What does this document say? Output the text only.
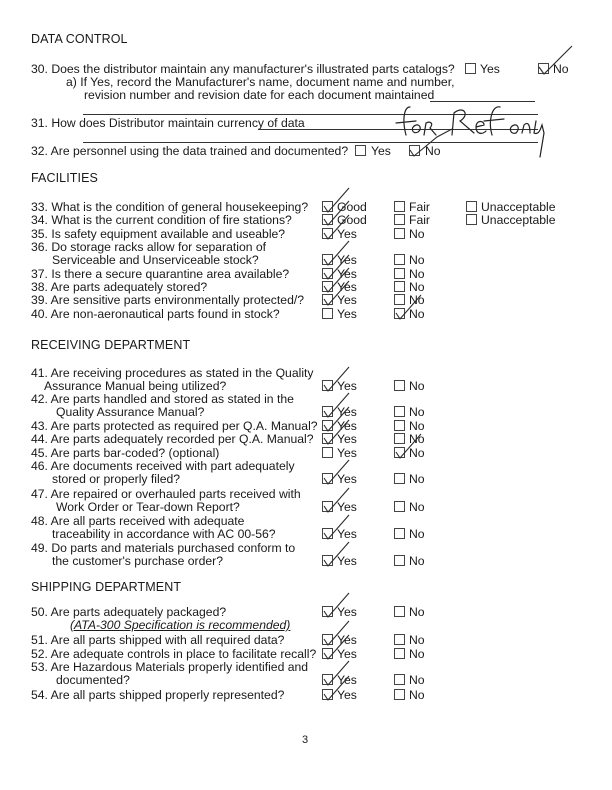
DATA CONTROL
30. Does the distributor maintain any manufacturer's illustrated parts catalogs? Yes	No
a) If Yes, record the Manufacturer's name, document name and number,
revision number and revision date for each document maintained
31. How does Distributor maintain currency of data
32. Are personnel using the data trained and documented? Yes	No
FACILITIES
33. What is the condition of general housekeeping? Good	Fair	Unacceptable
34. What is the current condition of fire stations?	Good	Fair	Unacceptable
35. Is safety equipment available and useable?	Yes	No
36. Do storage racks allow for separation of
Serviceable and Unserviceable stock?	Yes	No
37. Is there a secure quarantine area available?	Yes	No
38. Are parts adequately stored?	Yes	No
39. Are sensitive parts environmentally protected/?	Yes	No
40. Are non-aeronautical parts found in stock?	Yes	No
RECEIVING DEPARTMENT
41. Are receiving procedures as stated in the Quality
Assurance Manual being utilized?	Yes	No
42. Are parts handled and stored as stated in the
Quality Assurance Manual?	Yes	No
43. Are parts protected as required per Q.A. Manual? Yes	No
44. Are parts adequately recorded per Q.A. Manual? Yes	No
45. Are parts bar-coded? (optional)	Yes	No
46. Are documents received with part adequately
stored or properly filed?	Yes	No
47. Are repaired or overhauled parts received with
Work Order or Tear-down Report?	Yes	No
48. Are all parts received with adequate
traceability in accordance with AC 00-56?	Yes	No
49. Do parts and materials purchased conform to
the customer's purchase order?	Yes	No
SHIPPING DEPARTMENT
50. Are parts adequately packaged?
(ATA-300 Specification is recommended)
Yes	No
51. Are all parts shipped with all required data?	Yes	No
52. Are adequate controls in place to facilitate recall? Yes	No
53. Are Hazardous Materials properly identified and
documented?	Yes	No
54. Are all parts shipped properly represented?	Yes	No
3
